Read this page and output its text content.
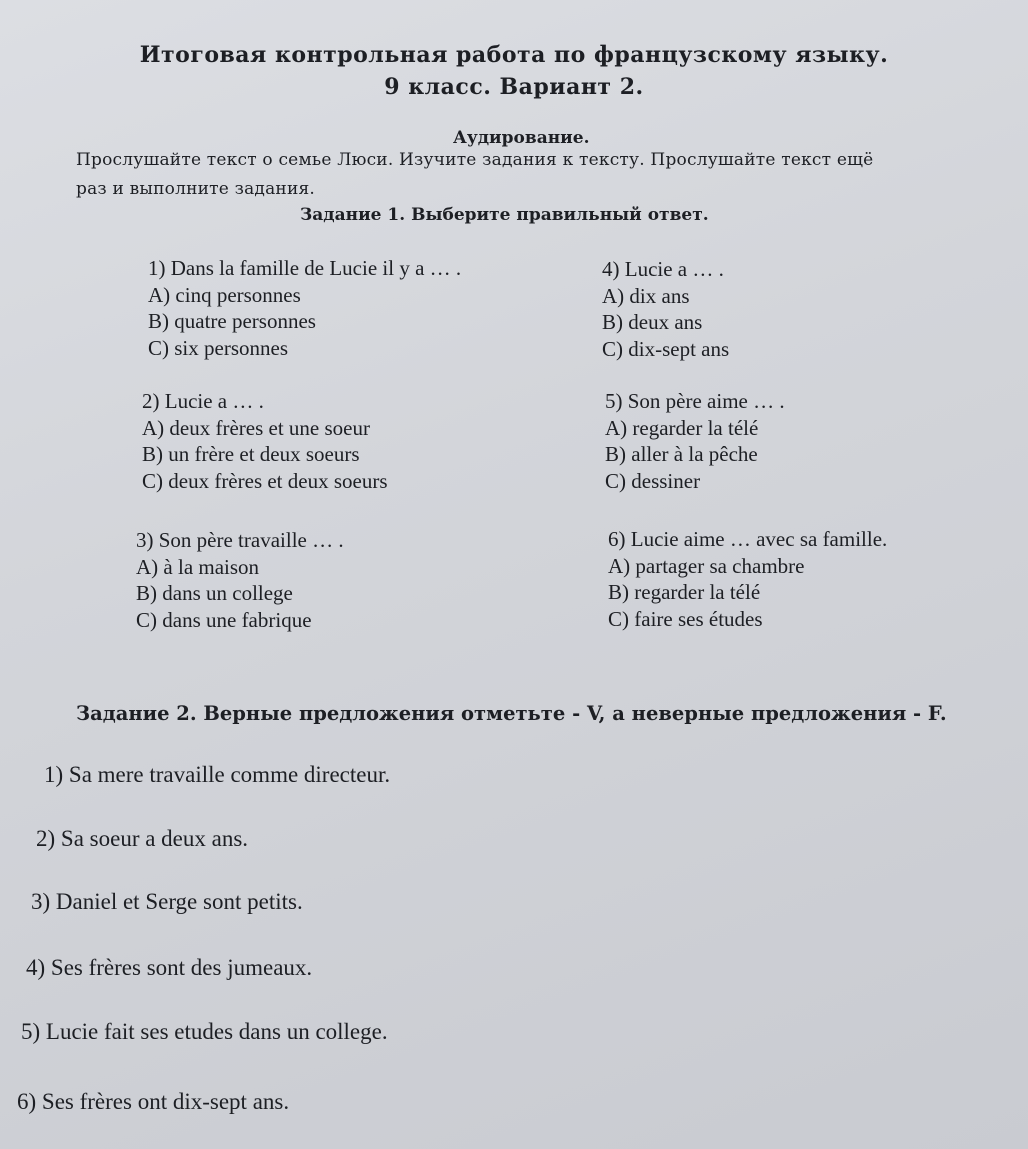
Итоговая контрольная работа по французскому языку.
9 класс. Вариант 2.
Аудирование.
Прослушайте текст о семье Люси. Изучите задания к тексту. Прослушайте текст ещё
раз и выполните задания.
Задание 1. Выберите правильный ответ.
1) Dans la famille de Lucie il y a … .
A) cinq personnes
B) quatre personnes
C) six personnes
2) Lucie a … .
A) deux frères et une soeur
B) un frère et deux soeurs
C) deux frères et deux soeurs
3) Son père travaille … .
A) à la maison
B) dans un college
C) dans une fabrique
4) Lucie a … .
A) dix ans
B) deux ans
C) dix-sept ans
5) Son père aime … .
A) regarder la télé
B) aller à la pêche
C) dessiner
6) Lucie aime … avec sa famille.
A) partager sa chambre
B) regarder la télé
C) faire ses études
Задание 2. Верные предложения отметьте - V, а неверные предложения - F.
1) Sa mere travaille comme directeur.
2) Sa soeur a deux ans.
3) Daniel et Serge sont petits.
4) Ses frères sont des jumeaux.
5) Lucie fait ses etudes dans un college.
6) Ses frères ont dix-sept ans.
